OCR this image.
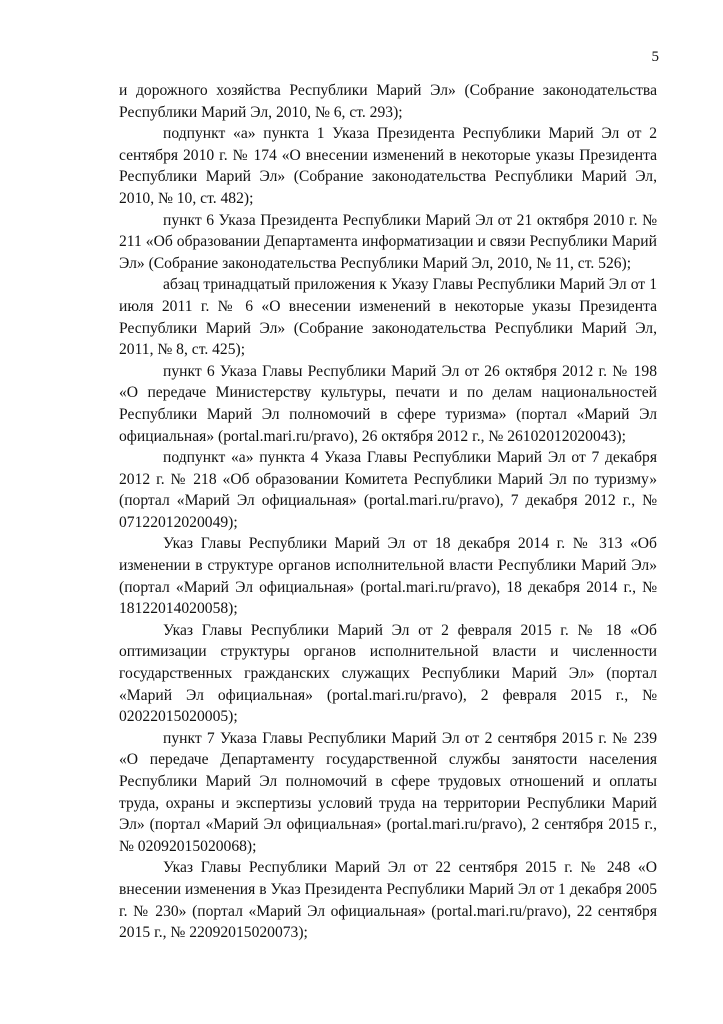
5

и дорожного хозяйства Республики Марий Эл» (Собрание законодательства Республики Марий Эл, 2010, № 6, ст. 293);

подпункт «а» пункта 1 Указа Президента Республики Марий Эл от 2 сентября 2010 г. № 174 «О внесении изменений в некоторые указы Президента Республики Марий Эл» (Собрание законодательства Республики Марий Эл, 2010, № 10, ст. 482);

пункт 6 Указа Президента Республики Марий Эл от 21 октября 2010 г. № 211 «Об образовании Департамента информатизации и связи Республики Марий Эл» (Собрание законодательства Республики Марий Эл, 2010, № 11, ст. 526);

абзац тринадцатый приложения к Указу Главы Республики Марий Эл от 1 июля 2011 г. № 6 «О внесении изменений в некоторые указы Президента Республики Марий Эл» (Собрание законодательства Республики Марий Эл, 2011, № 8, ст. 425);

пункт 6 Указа Главы Республики Марий Эл от 26 октября 2012 г. № 198 «О передаче Министерству культуры, печати и по делам национальностей Республики Марий Эл полномочий в сфере туризма» (портал «Марий Эл официальная» (portal.mari.ru/pravo), 26 октября 2012 г., № 26102012020043);

подпункт «а» пункта 4 Указа Главы Республики Марий Эл от 7 декабря 2012 г. № 218 «Об образовании Комитета Республики Марий Эл по туризму» (портал «Марий Эл официальная» (portal.mari.ru/pravo), 7 декабря 2012 г., № 07122012020049);

Указ Главы Республики Марий Эл от 18 декабря 2014 г. № 313 «Об изменении в структуре органов исполнительной власти Республики Марий Эл» (портал «Марий Эл официальная» (portal.mari.ru/pravo), 18 декабря 2014 г., № 18122014020058);

Указ Главы Республики Марий Эл от 2 февраля 2015 г. № 18 «Об оптимизации структуры органов исполнительной власти и численности государственных гражданских служащих Республики Марий Эл» (портал «Марий Эл официальная» (portal.mari.ru/pravo), 2 февраля 2015 г., № 02022015020005);

пункт 7 Указа Главы Республики Марий Эл от 2 сентября 2015 г. № 239 «О передаче Департаменту государственной службы занятости населения Республики Марий Эл полномочий в сфере трудовых отношений и оплаты труда, охраны и экспертизы условий труда на территории Республики Марий Эл» (портал «Марий Эл официальная» (portal.mari.ru/pravo), 2 сентября 2015 г., № 02092015020068);

Указ Главы Республики Марий Эл от 22 сентября 2015 г. № 248 «О внесении изменения в Указ Президента Республики Марий Эл от 1 декабря 2005 г. № 230» (портал «Марий Эл официальная» (portal.mari.ru/pravo), 22 сентября 2015 г., № 22092015020073);
